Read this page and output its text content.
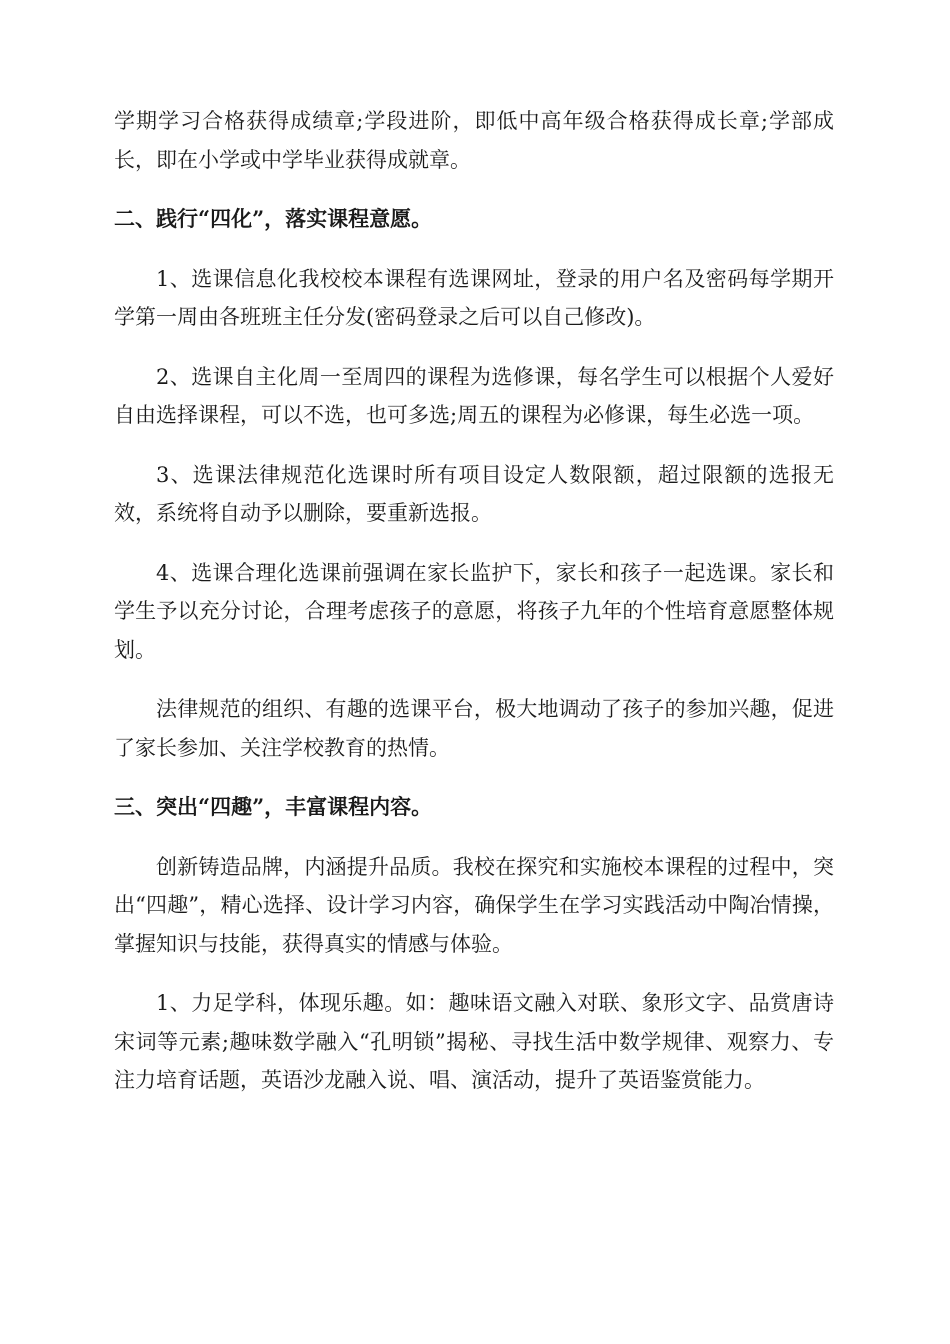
学期学习合格获得成绩章;学段进阶，即低中高年级合格获得成长章;学部成长，即在小学或中学毕业获得成就章。

二、践行“四化”，落实课程意愿。

1、选课信息化我校校本课程有选课网址，登录的用户名及密码每学期开学第一周由各班班主任分发(密码登录之后可以自己修改)。

2、选课自主化周一至周四的课程为选修课，每名学生可以根据个人爱好自由选择课程，可以不选，也可多选;周五的课程为必修课，每生必选一项。

3、选课法律规范化选课时所有项目设定人数限额，超过限额的选报无效，系统将自动予以删除，要重新选报。

4、选课合理化选课前强调在家长监护下，家长和孩子一起选课。家长和学生予以充分讨论，合理考虑孩子的意愿，将孩子九年的个性培育意愿整体规划。

法律规范的组织、有趣的选课平台，极大地调动了孩子的参加兴趣，促进了家长参加、关注学校教育的热情。

三、突出“四趣”，丰富课程内容。

创新铸造品牌，内涵提升品质。我校在探究和实施校本课程的过程中，突出“四趣”，精心选择、设计学习内容，确保学生在学习实践活动中陶冶情操，掌握知识与技能，获得真实的情感与体验。

1、力足学科，体现乐趣。如：趣味语文融入对联、象形文字、品赏唐诗宋词等元素;趣味数学融入“孔明锁”揭秘、寻找生活中数学规律、观察力、专注力培育话题，英语沙龙融入说、唱、演活动，提升了英语鉴赏能力。
